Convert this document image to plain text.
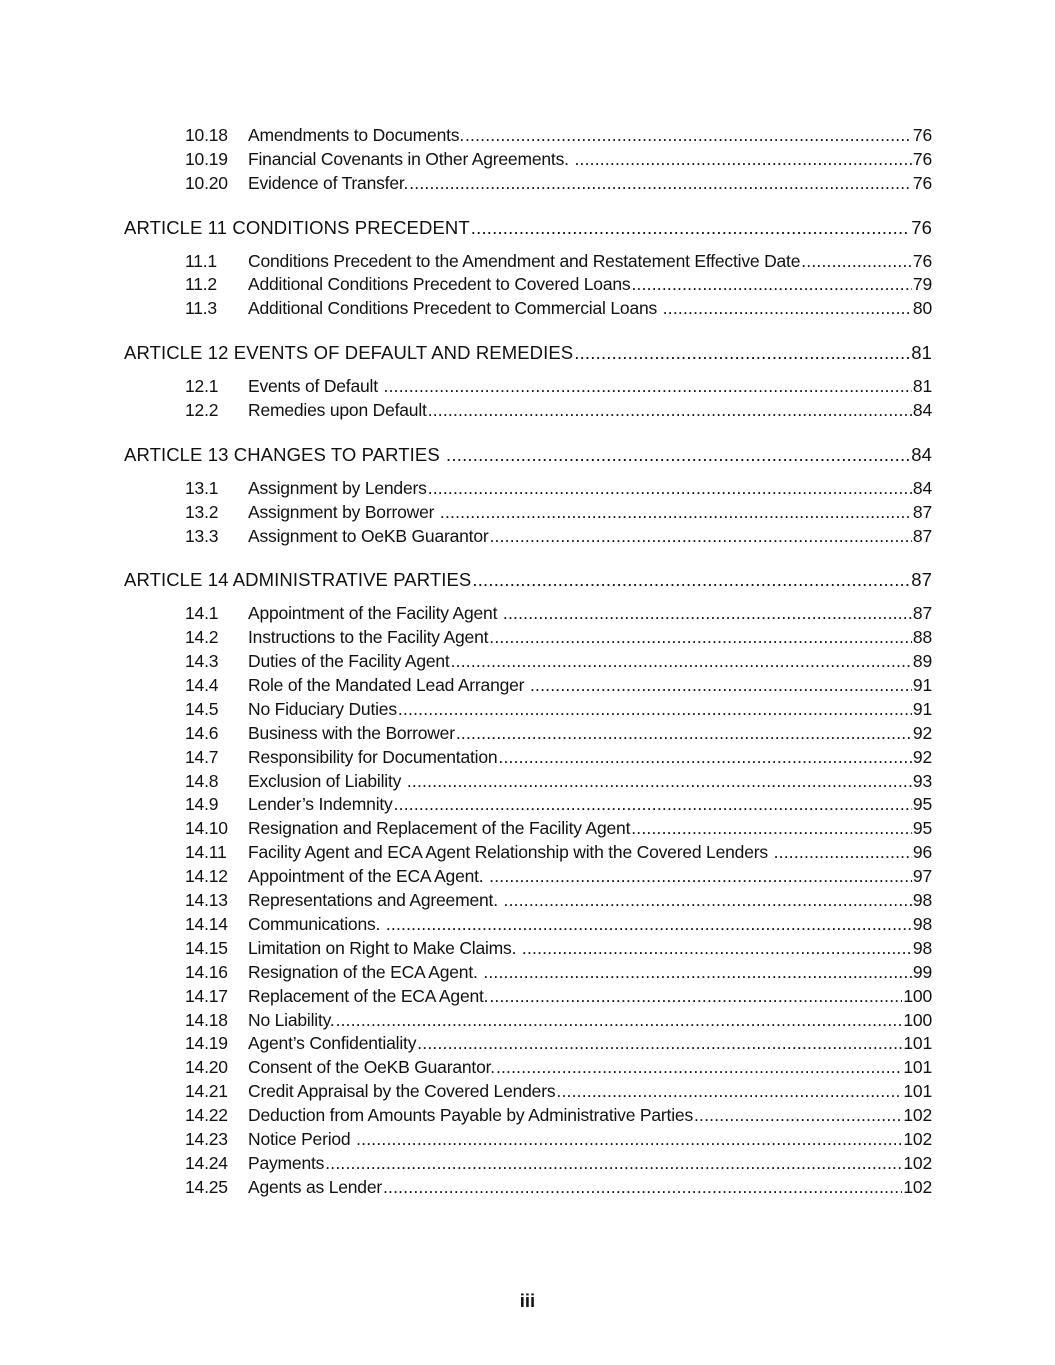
10.18	Amendments to Documents. .....	76
10.19	Financial Covenants in Other Agreements. .....	76
10.20	Evidence of Transfer. .....	76
ARTICLE 11 CONDITIONS PRECEDENT .....	76
11.1	Conditions Precedent to the Amendment and Restatement Effective Date .....	76
11.2	Additional Conditions Precedent to Covered Loans .....	79
11.3	Additional Conditions Precedent to Commercial Loans .....	80
ARTICLE 12 EVENTS OF DEFAULT AND REMEDIES .....	81
12.1	Events of Default .....	81
12.2	Remedies upon Default .....	84
ARTICLE 13 CHANGES TO PARTIES .....	84
13.1	Assignment by Lenders .....	84
13.2	Assignment by Borrower .....	87
13.3	Assignment to OeKB Guarantor .....	87
ARTICLE 14 ADMINISTRATIVE PARTIES .....	87
14.1	Appointment of the Facility Agent .....	87
14.2	Instructions to the Facility Agent .....	88
14.3	Duties of the Facility Agent .....	89
14.4	Role of the Mandated Lead Arranger .....	91
14.5	No Fiduciary Duties .....	91
14.6	Business with the Borrower .....	92
14.7	Responsibility for Documentation .....	92
14.8	Exclusion of Liability .....	93
14.9	Lender’s Indemnity .....	95
14.10	Resignation and Replacement of the Facility Agent .....	95
14.11	Facility Agent and ECA Agent Relationship with the Covered Lenders .....	96
14.12	Appointment of the ECA Agent. .....	97
14.13	Representations and Agreement. .....	98
14.14	Communications. .....	98
14.15	Limitation on Right to Make Claims. .....	98
14.16	Resignation of the ECA Agent. .....	99
14.17	Replacement of the ECA Agent. .....	100
14.18	No Liability. .....	100
14.19	Agent’s Confidentiality .....	101
14.20	Consent of the OeKB Guarantor. .....	101
14.21	Credit Appraisal by the Covered Lenders .....	101
14.22	Deduction from Amounts Payable by Administrative Parties .....	102
14.23	Notice Period .....	102
14.24	Payments .....	102
14.25	Agents as Lender .....	102
iii
